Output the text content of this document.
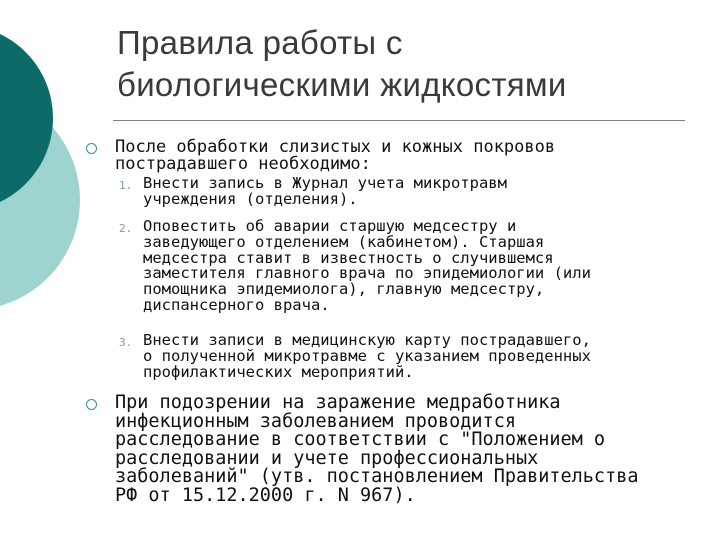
Правила работы с
биологическими жидкостями
После обработки слизистых и кожных покровов
пострадавшего необходимо:
1. Внести запись в Журнал учета микротравм
учреждения (отделения).
2. Оповестить об аварии старшую медсестру и
заведующего отделением (кабинетом). Старшая
медсестра ставит в известность о случившемся
заместителя главного врача по эпидемиологии (или
помощника эпидемиолога), главную медсестру,
диспансерного врача.
3. Внести записи в медицинскую карту пострадавшего,
о полученной микротравме с указанием проведенных
профилактических мероприятий.
При подозрении на заражение медработника
инфекционным заболеванием проводится
расследование в соответствии с "Положением о
расследовании и учете профессиональных
заболеваний" (утв. постановлением Правительства
РФ от 15.12.2000 г. N 967).
